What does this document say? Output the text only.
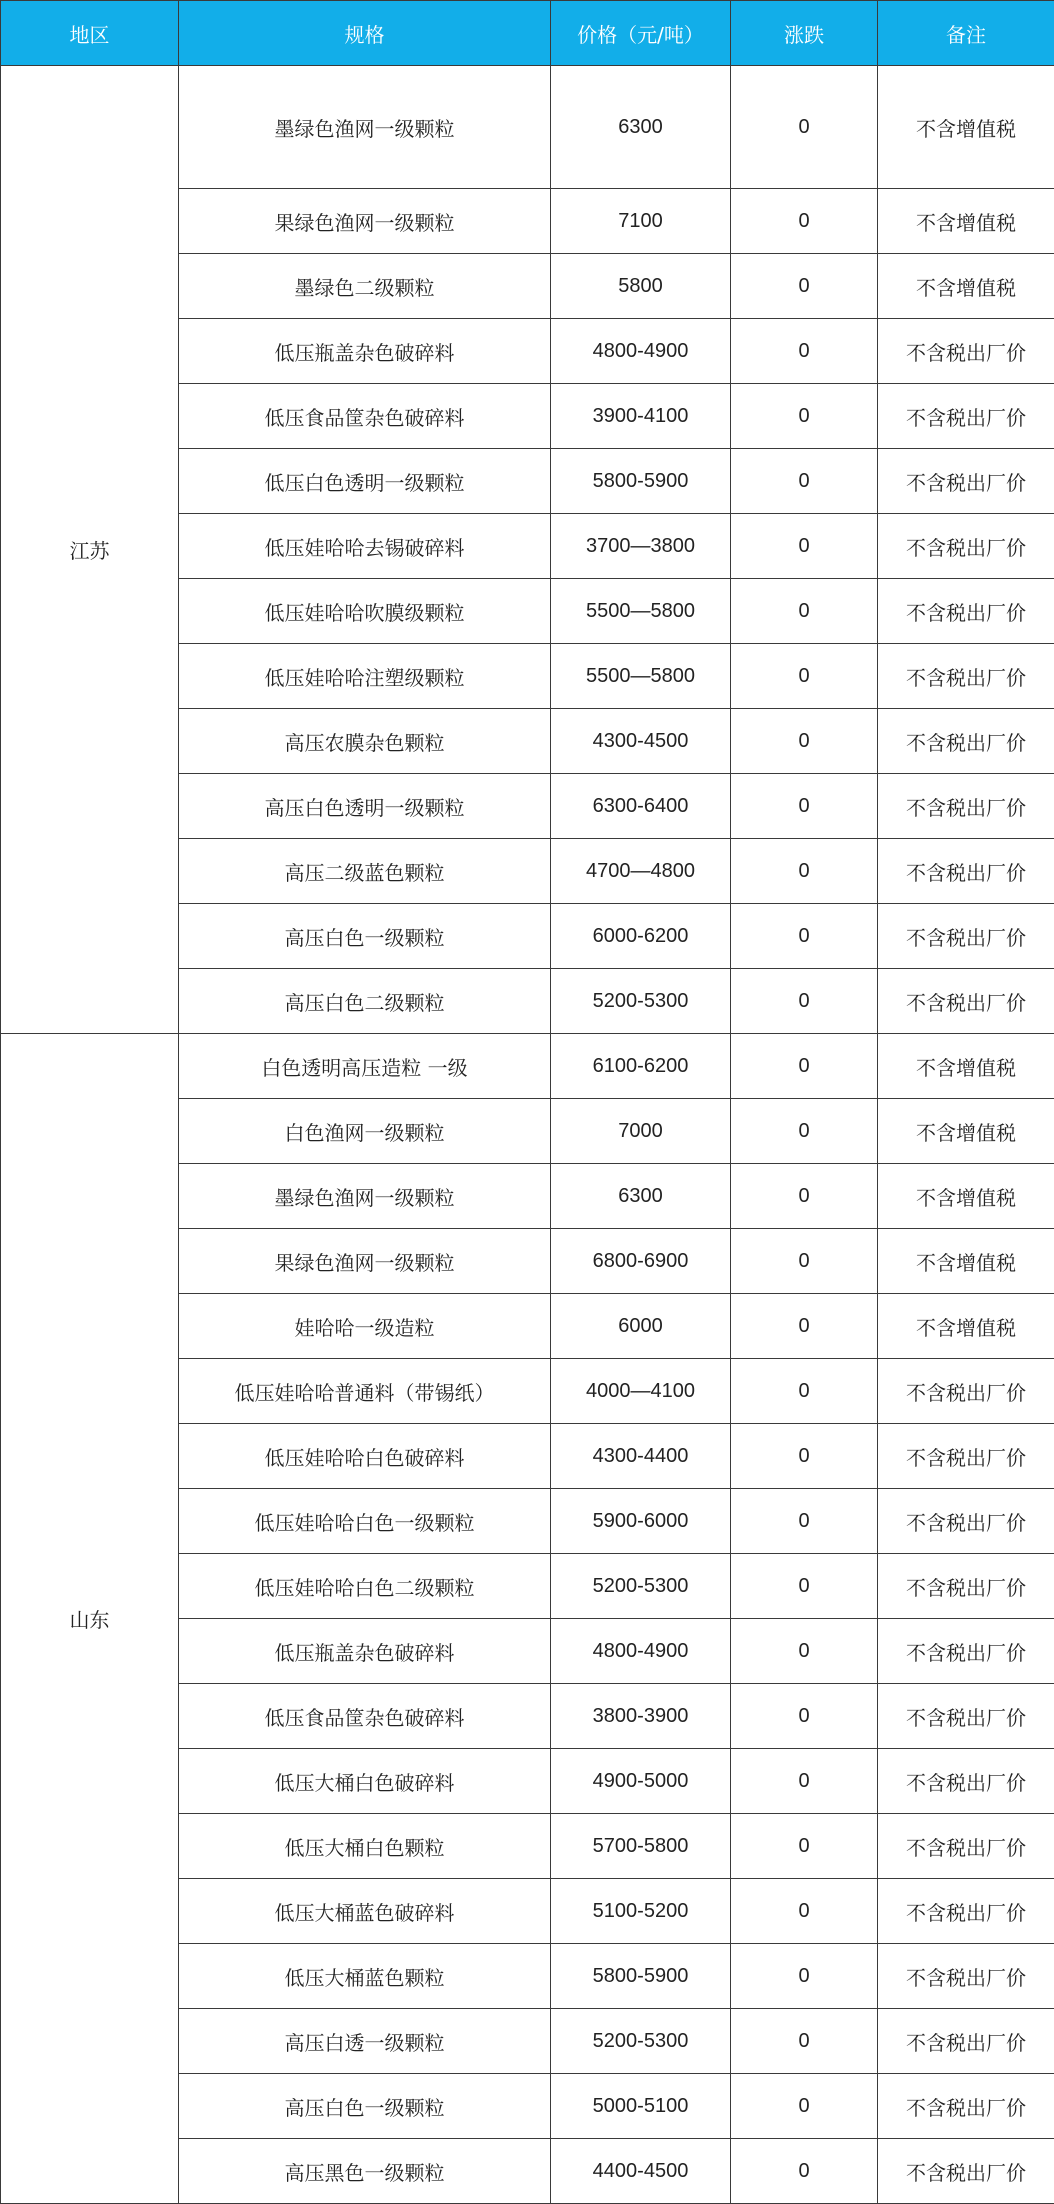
地区	规格	价格（元/吨）	涨跌	备注
江苏	墨绿色渔网一级颗粒	6300	0	不含增值税
	果绿色渔网一级颗粒	7100	0	不含增值税
	墨绿色二级颗粒	5800	0	不含增值税
	低压瓶盖杂色破碎料	4800-4900	0	不含税出厂价
	低压食品筐杂色破碎料	3900-4100	0	不含税出厂价
	低压白色透明一级颗粒	5800-5900	0	不含税出厂价
	低压娃哈哈去锡破碎料	3700—3800	0	不含税出厂价
	低压娃哈哈吹膜级颗粒	5500—5800	0	不含税出厂价
	低压娃哈哈注塑级颗粒	5500—5800	0	不含税出厂价
	高压农膜杂色颗粒	4300-4500	0	不含税出厂价
	高压白色透明一级颗粒	6300-6400	0	不含税出厂价
	高压二级蓝色颗粒	4700—4800	0	不含税出厂价
	高压白色一级颗粒	6000-6200	0	不含税出厂价
	高压白色二级颗粒	5200-5300	0	不含税出厂价
山东	白色透明高压造粒 一级	6100-6200	0	不含增值税
	白色渔网一级颗粒	7000	0	不含增值税
	墨绿色渔网一级颗粒	6300	0	不含增值税
	果绿色渔网一级颗粒	6800-6900	0	不含增值税
	娃哈哈一级造粒	6000	0	不含增值税
	低压娃哈哈普通料（带锡纸）	4000—4100	0	不含税出厂价
	低压娃哈哈白色破碎料	4300-4400	0	不含税出厂价
	低压娃哈哈白色一级颗粒	5900-6000	0	不含税出厂价
	低压娃哈哈白色二级颗粒	5200-5300	0	不含税出厂价
	低压瓶盖杂色破碎料	4800-4900	0	不含税出厂价
	低压食品筐杂色破碎料	3800-3900	0	不含税出厂价
	低压大桶白色破碎料	4900-5000	0	不含税出厂价
	低压大桶白色颗粒	5700-5800	0	不含税出厂价
	低压大桶蓝色破碎料	5100-5200	0	不含税出厂价
	低压大桶蓝色颗粒	5800-5900	0	不含税出厂价
	高压白透一级颗粒	5200-5300	0	不含税出厂价
	高压白色一级颗粒	5000-5100	0	不含税出厂价
	高压黑色一级颗粒	4400-4500	0	不含税出厂价
